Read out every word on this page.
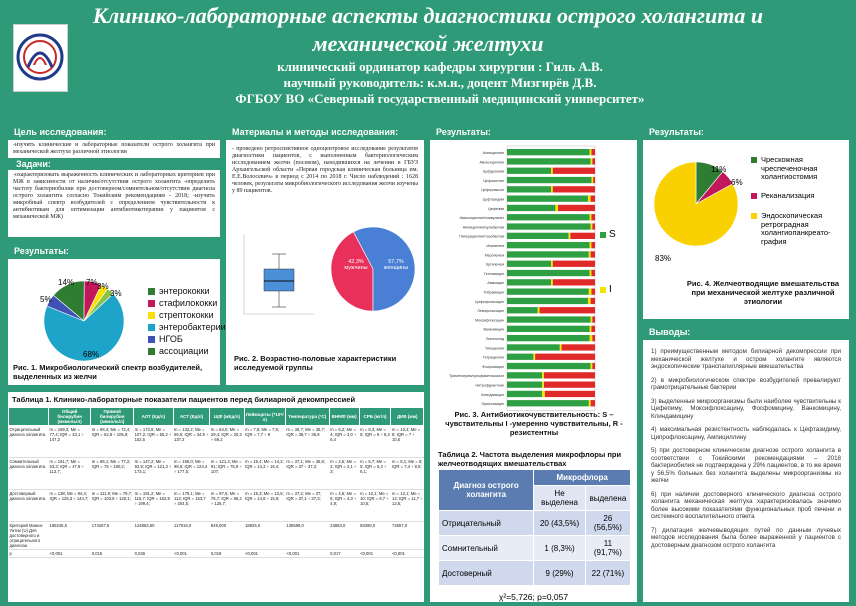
Клинико-лабораторные аспекты диагностики острого холангита и
механической желтухи
клинический ординатор кафедры хирургии : Гиль А.В.
научный руководитель: к.м.н., доцент Мизгирёв Д.В.
ФГБОУ ВО «Северный государственный медицинский университет»
Цель исследования:
-изучить клинические и лабораторные показатели острого холангита при механической желтухе различной этиологии
Задачи:
-охарактеризовать выраженность клинических и лабораторных критериев при МЖ в зависимости от наличия/отсутствия острого холангита -определить частоту бактериобилии при достоверном/сомнительном/отсутствии диагноза острого холангита согласно Токийским рекомендациям - 2018; -изучить микробный спектр возбудителей с определением чувствительности к антибиотикам для оптимизации антибиотикотерапии у пациентов с механической МЖ)
Результаты:
14% 7% 3%
3%
5%
68%
энтерококки
стафилококки
стрептококки
энтеробактерии
НГОБ
ассоциации
Рис. 1. Микробиологический спектр возбудителей, выделенных из желчи
Материалы и методы исследования:
- проведено ретроспективное одноцентровое исследование результатов диагностики пациентов, с выполненным бактериологическим исследованием желчи (посевом), находившихся на лечении в ГБУЗ Архангельской области «Первая городская клиническая больница им. Е.Е.Волосевич» в период с 2014 по 2018 г. Число наблюдений : 1628 человек, результаты микробиологического исследования желчи изучены у 89 пациентов.
42,3%
мужчины
57,7%
женщины
Рис. 2. Возрастно-половые характеристики исследуемой группы
Таблица 1. Клинико-лабораторные показатели пациентов перед билиарной декомпрессией
	Общий билирубин (мкмоль/л)	Прямой билирубин (мкмоль/л)	АЛТ (Ед/л)	АСТ (Ед/л)	ЩФ (мЕд/л)	Лейкоциты (*10⁹/л)	Температура (°С)	ВНМФ (мм)	СРБ (мг/л)	ДИВ (мм)
Отрицательный диагноз холангита	m = 189,3; Me = 77,4; IQR = 43,1 ÷ 147,2	m = 98,4; Me = 72,4; IQR = 62,8 ÷ 105,9;	m = 173,6; Me = 107,2; IQR = 55,2 ÷ 152,5	m = 132,2; Me = 66,5; IQR = 34,9 ÷ 137,2	m = 64,0; Me = 29,4; IQR = 20,3 ÷ 69,2	m = 7,8; Me = 7,9; IQR = 7,7 ÷ 8	m = 36,7; Me = 36,7; IQR = 36,7 ÷ 36,8	m = 6,2; Me = 4; IQR = 3,0 ÷ 6,4	m = 8,3; Me = 8; IQR = 6 ÷ 8,3	m = 10,4; Me = 8; IQR = 7 ÷ 10,5
Сомнительный диагноз холангита	m = 161,7; Me = 63,3; IQR = 47,8 ÷ 113,7;	m = 86,1; Me = 77,2; IQR = 75 ÷ 180,2;	m = 147,2; Me = 92,9; IQR = 121,3 ÷ 173,1;	m = 159,0; Me = 98,5; IQR = 123,4 ÷ 177,5;	m = 121,4; Me = 91; IQR = 75,9 ÷ 107;	m = 15,4; Me = 14,2; IQR = 14,3 ÷ 16,4;	m = 37,1; Me = 36,8; IQR = 37 ÷ 37,2;	m = 2,5; Me = 2; IQR = 2,1 ÷ 3;	m = 5,7; Me = 5; IQR = 5,3 ÷ 6,1;	m = 8,1; Me = 8; IQR = 7,4 ÷ 8,8;
Достоверный диагноз холангита	m = 138; Me = 94,4; IQR = 125,3 ÷ 144,7;	m = 111,9; Me = 79,7; IQR = 103,8 ÷ 120,1;	m = 191,2; Me = 115,7; IQR = 162,9 ÷ 199,4;	m = 179,1; Me = 113; IQR = 153,7 ÷ 204,5;	m = 97,5; Me = 76,7; IQR = 66,2 ÷ 126,7;	m = 15,3; Me = 13,5; IQR = 14,8 ÷ 15,9;	m = 37,2; Me = 37; IQR = 37,1 ÷ 37,3;	m = 4,6; Me = 5; IQR = 4,3 ÷ 4,9;	m = 10,1; Me = 10; IQR = 9,7 ÷ 10,5;	m = 12,1; Me = 12; IQR = 11,7 ÷ 12,5;
Критерий Манна-Уитни (U) Для достоверного и отрицательного диагноза	189245,5	174267,5	124863,50	117918,0	849,000	18925,0	136598,0	23893,0	83390,0	72657,0
р	<0,001	0,015	0,026	<0,001	0,019	<0,001	<0,001	0,017	<0,001	<0,001
Результаты:
Ампициллин
Амоксициллин
Цефуроксим
Цефокситин
Цефтриаксон
Цефтазидим
Цефепим
Амоксициллин/клавуланат
Ампициллин/сульбактам
Пиперациллин/тазобактам
Имипенем
Меропенем
Эртапенем
Гентамицин
Амикацин
Тобрамицин
Ципрофлоксацин
Левофлоксацин
Моксифлоксацин
Ванкомицин
Линезолид
Тигециклин
Тетрациклин
Фосфомицин
Триметоприм/сульфаметоксазол
Нитрофурантоин
Клиндамицин
Эритромицин
S
I
Рис. 3. Антибиотикочувствительность: S – чувствительны I -умеренно чувствительны, R - резистентны
Таблица 2. Частота выделения микрофлоры при желчеотводящих вмешательствах
Диагноз острого холангита	Микрофлора	
	Не выделена	выделена
Отрицательный	20 (43,5%)	26 (56,5%)
Сомнительный	1 (8,3%)	11 (91,7%)
Достоверный	9 (29%)	22 (71%)
χ²=5,726; p=0,057
Результаты:
11%
6%
83%
Чрескожная чреспеченочная холангиостомия
Реканализация
Эндоскопическая ретроградная холангиопанкреато-графия
Рис. 4. Желчеотводящие вмешательства при механической желтухе различной этиологии
Выводы:

1) преимущественным методом билиарной декомпрессии при механической желтухе и остром холангите являются эндоскопические транспапиллярные вмешательства

2) в микробиологическом спектре возбудителей превалируют грамотрицательные бактерии

3) выделенные микроорганизмы были наиболее чувствительны к Цефепиму, Моксифлоксацину, Фосфомицину, Ванкомицину, Клиндамицину

4) максимальная резистентность наблюдалась к Цефтазидиму, Ципрофлоксацину, Ампициллину

5) при достоверном клиническом диагнозе острого холангита в соответствии с Токийскими рекомендациями – 2018 бактериобилия не подтверждена у 29% пациентов, в то же время у 56,5% больных без холангита выделены микроорганизмы из желчи

6) при наличии достоверного клинического диагноза острого холангита механическая желтуха характеризовалась значимо более высокими показателями функциональных проб печени и системного воспалительного ответа

7) дилатация желчевыводящих путей по данным лучевых методов исследования была более выраженной у пациентов с достоверным диагнозом острого холангита
